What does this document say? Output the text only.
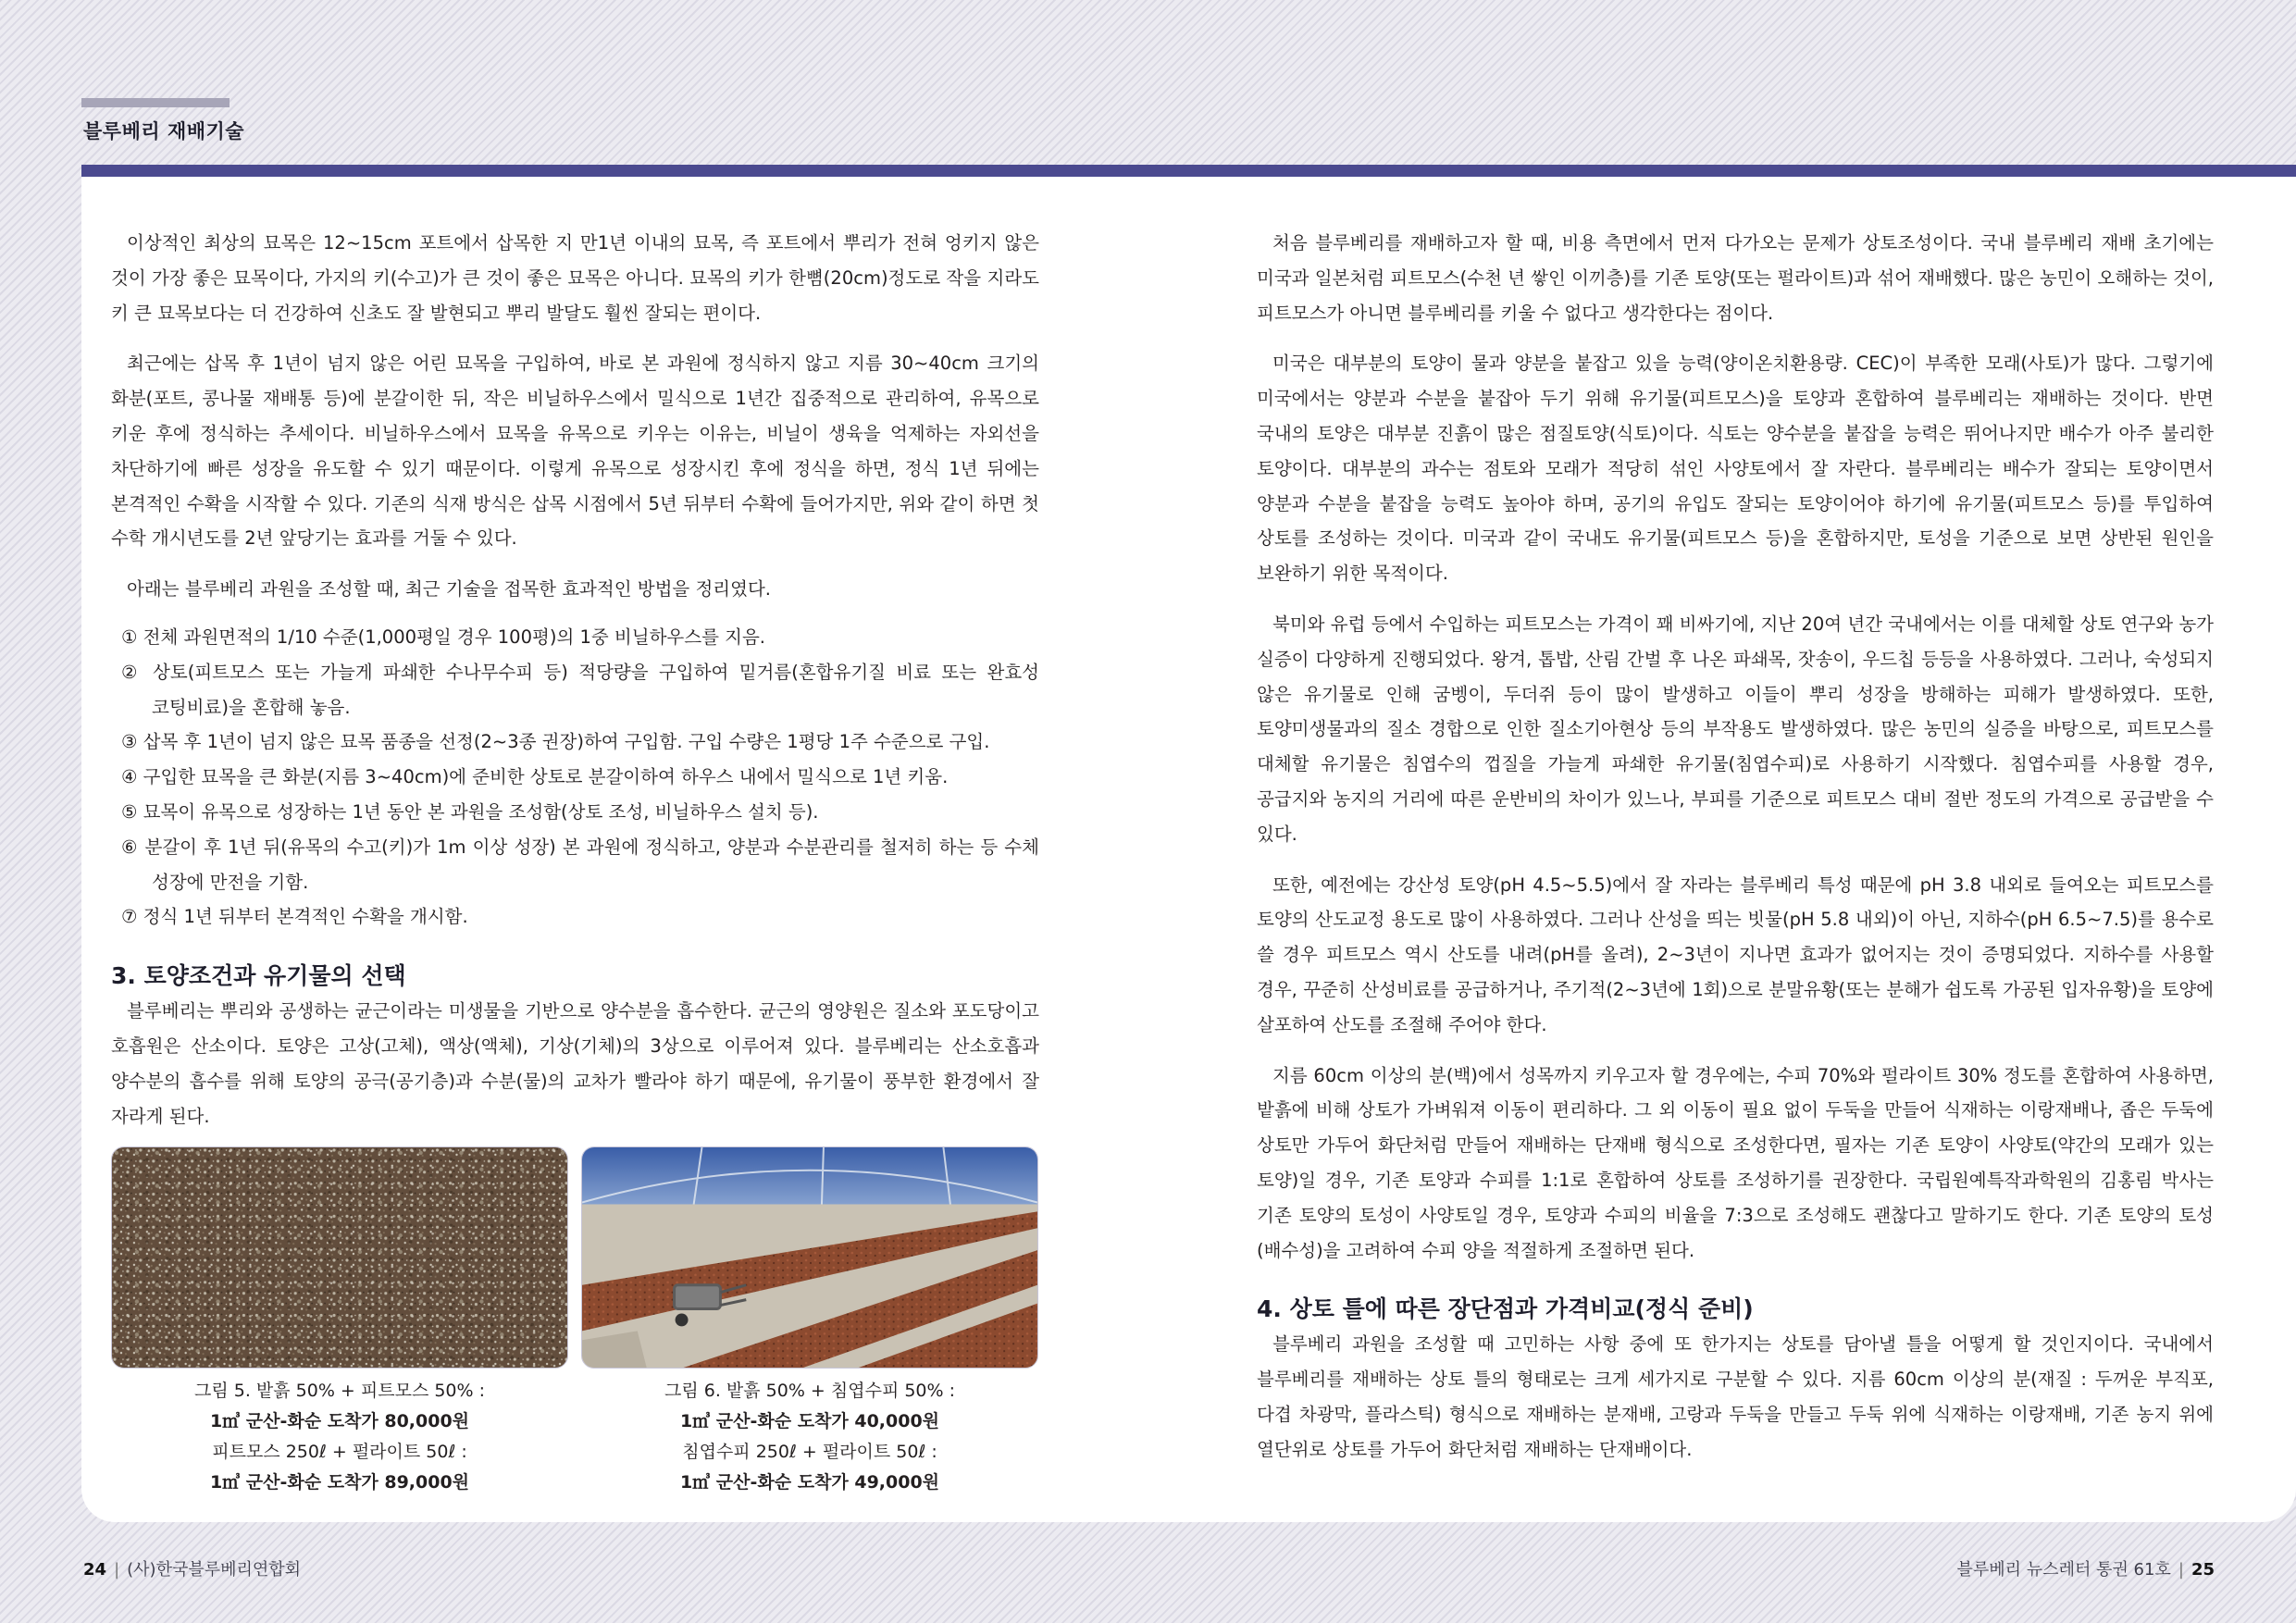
블루베리 재배기술

이상적인 최상의 묘목은 12~15cm 포트에서 삽목한 지 만1년 이내의 묘목, 즉 포트에서 뿌리가 전혀 엉키지 않은 것이 가장 좋은 묘목이다, 가지의 키(수고)가 큰 것이 좋은 묘목은 아니다. 묘목의 키가 한뼘(20cm)정도로 작을 지라도 키 큰 묘목보다는 더 건강하여 신초도 잘 발현되고 뿌리 발달도 훨씬 잘되는 편이다.

최근에는 삽목 후 1년이 넘지 않은 어린 묘목을 구입하여, 바로 본 과원에 정식하지 않고 지름 30~40cm 크기의 화분(포트, 콩나물 재배통 등)에 분갈이한 뒤, 작은 비닐하우스에서 밀식으로 1년간 집중적으로 관리하여, 유목으로 키운 후에 정식하는 추세이다. 비닐하우스에서 묘목을 유목으로 키우는 이유는, 비닐이 생육을 억제하는 자외선을 차단하기에 빠른 성장을 유도할 수 있기 때문이다. 이렇게 유목으로 성장시킨 후에 정식을 하면, 정식 1년 뒤에는 본격적인 수확을 시작할 수 있다. 기존의 식재 방식은 삽목 시점에서 5년 뒤부터 수확에 들어가지만, 위와 같이 하면 첫 수학 개시년도를 2년 앞당기는 효과를 거둘 수 있다.

아래는 블루베리 과원을 조성할 때, 최근 기술을 접목한 효과적인 방법을 정리였다.

① 전체 과원면적의 1/10 수준(1,000평일 경우 100평)의 1중 비닐하우스를 지음.

② 상토(피트모스 또는 가늘게 파쇄한 수나무수피 등) 적당량을 구입하여 밑거름(혼합유기질 비료 또는 완효성 코팅비료)을 혼합해 놓음.

③ 삽목 후 1년이 넘지 않은 묘목 품종을 선정(2~3종 권장)하여 구입함. 구입 수량은 1평당 1주 수준으로 구입.

④ 구입한 묘목을 큰 화분(지름 3~40cm)에 준비한 상토로 분갈이하여 하우스 내에서 밀식으로 1년 키움.

⑤ 묘목이 유목으로 성장하는 1년 동안 본 과원을 조성함(상토 조성, 비닐하우스 설치 등).

⑥ 분갈이 후 1년 뒤(유목의 수고(키)가 1m 이상 성장) 본 과원에 정식하고, 양분과 수분관리를 철저히 하는 등 수체 성장에 만전을 기함.

⑦ 정식 1년 뒤부터 본격적인 수확을 개시함.

3. 토양조건과 유기물의 선택

블루베리는 뿌리와 공생하는 균근이라는 미생물을 기반으로 양수분을 흡수한다. 균근의 영양원은 질소와 포도당이고 호흡원은 산소이다. 토양은 고상(고체), 액상(액체), 기상(기체)의 3상으로 이루어져 있다. 블루베리는 산소호흡과 양수분의 흡수를 위해 토양의 공극(공기층)과 수분(물)의 교차가 빨라야 하기 때문에, 유기물이 풍부한 환경에서 잘 자라게 된다.

그림 5. 밭흙 50% + 피트모스 50% :
1㎥ 군산-화순 도착가 80,000원
피트모스 250ℓ + 펄라이트 50ℓ :
1㎥ 군산-화순 도착가 89,000원
그림 6. 밭흙 50% + 침엽수피 50% :
1㎥ 군산-화순 도착가 40,000원
침엽수피 250ℓ + 펄라이트 50ℓ :
1㎥ 군산-화순 도착가 49,000원

처음 블루베리를 재배하고자 할 때, 비용 측면에서 먼저 다가오는 문제가 상토조성이다. 국내 블루베리 재배 초기에는 미국과 일본처럼 피트모스(수천 년 쌓인 이끼층)를 기존 토양(또는 펄라이트)과 섞어 재배했다. 많은 농민이 오해하는 것이, 피트모스가 아니면 블루베리를 키울 수 없다고 생각한다는 점이다.

미국은 대부분의 토양이 물과 양분을 붙잡고 있을 능력(양이온치환용량. CEC)이 부족한 모래(사토)가 많다. 그렇기에 미국에서는 양분과 수분을 붙잡아 두기 위해 유기물(피트모스)을 토양과 혼합하여 블루베리는 재배하는 것이다. 반면 국내의 토양은 대부분 진흙이 많은 점질토양(식토)이다. 식토는 양수분을 붙잡을 능력은 뛰어나지만 배수가 아주 불리한 토양이다. 대부분의 과수는 점토와 모래가 적당히 섞인 사양토에서 잘 자란다. 블루베리는 배수가 잘되는 토양이면서 양분과 수분을 붙잡을 능력도 높아야 하며, 공기의 유입도 잘되는 토양이어야 하기에 유기물(피트모스 등)를 투입하여 상토를 조성하는 것이다. 미국과 같이 국내도 유기물(피트모스 등)을 혼합하지만, 토성을 기준으로 보면 상반된 원인을 보완하기 위한 목적이다.

북미와 유럽 등에서 수입하는 피트모스는 가격이 꽤 비싸기에, 지난 20여 년간 국내에서는 이를 대체할 상토 연구와 농가 실증이 다양하게 진행되었다. 왕겨, 톱밥, 산림 간벌 후 나온 파쇄목, 잣송이, 우드칩 등등을 사용하였다. 그러나, 숙성되지 않은 유기물로 인해 굼벵이, 두더쥐 등이 많이 발생하고 이들이 뿌리 성장을 방해하는 피해가 발생하였다. 또한, 토양미생물과의 질소 경합으로 인한 질소기아현상 등의 부작용도 발생하였다. 많은 농민의 실증을 바탕으로, 피트모스를 대체할 유기물은 침엽수의 껍질을 가늘게 파쇄한 유기물(침엽수피)로 사용하기 시작했다. 침엽수피를 사용할 경우, 공급지와 농지의 거리에 따른 운반비의 차이가 있느나, 부피를 기준으로 피트모스 대비 절반 정도의 가격으로 공급받을 수 있다.

또한, 예전에는 강산성 토양(pH 4.5~5.5)에서 잘 자라는 블루베리 특성 때문에 pH 3.8 내외로 들여오는 피트모스를 토양의 산도교정 용도로 많이 사용하였다. 그러나 산성을 띄는 빗물(pH 5.8 내외)이 아닌, 지하수(pH 6.5~7.5)를 용수로 쓸 경우 피트모스 역시 산도를 내려(pH를 올려), 2~3년이 지나면 효과가 없어지는 것이 증명되었다. 지하수를 사용할 경우, 꾸준히 산성비료를 공급하거나, 주기적(2~3년에 1회)으로 분말유황(또는 분해가 쉽도록 가공된 입자유황)을 토양에 살포하여 산도를 조절해 주어야 한다.

지름 60cm 이상의 분(백)에서 성목까지 키우고자 할 경우에는, 수피 70%와 펄라이트 30% 정도를 혼합하여 사용하면, 밭흙에 비해 상토가 가벼워져 이동이 편리하다. 그 외 이동이 필요 없이 두둑을 만들어 식재하는 이랑재배나, 좁은 두둑에 상토만 가두어 화단처럼 만들어 재배하는 단재배 형식으로 조성한다면, 필자는 기존 토양이 사양토(약간의 모래가 있는 토양)일 경우, 기존 토양과 수피를 1:1로 혼합하여 상토를 조성하기를 권장한다. 국립원예특작과학원의 김홍림 박사는 기존 토양의 토성이 사양토일 경우, 토양과 수피의 비율을 7:3으로 조성해도 괜찮다고 말하기도 한다. 기존 토양의 토성(배수성)을 고려하여 수피 양을 적절하게 조절하면 된다.

4. 상토 틀에 따른 장단점과 가격비교(정식 준비)

블루베리 과원을 조성할 때 고민하는 사항 중에 또 한가지는 상토를 담아낼 틀을 어떻게 할 것인지이다. 국내에서 블루베리를 재배하는 상토 틀의 형태로는 크게 세가지로 구분할 수 있다. 지름 60cm 이상의 분(재질 : 두꺼운 부직포, 다겹 차광막, 플라스틱) 형식으로 재배하는 분재배, 고랑과 두둑을 만들고 두둑 위에 식재하는 이랑재배, 기존 농지 위에 열단위로 상토를 가두어 화단처럼 재배하는 단재배이다.

24 | (사)한국블루베리연합회	블루베리 뉴스레터 통권 61호 | 25
